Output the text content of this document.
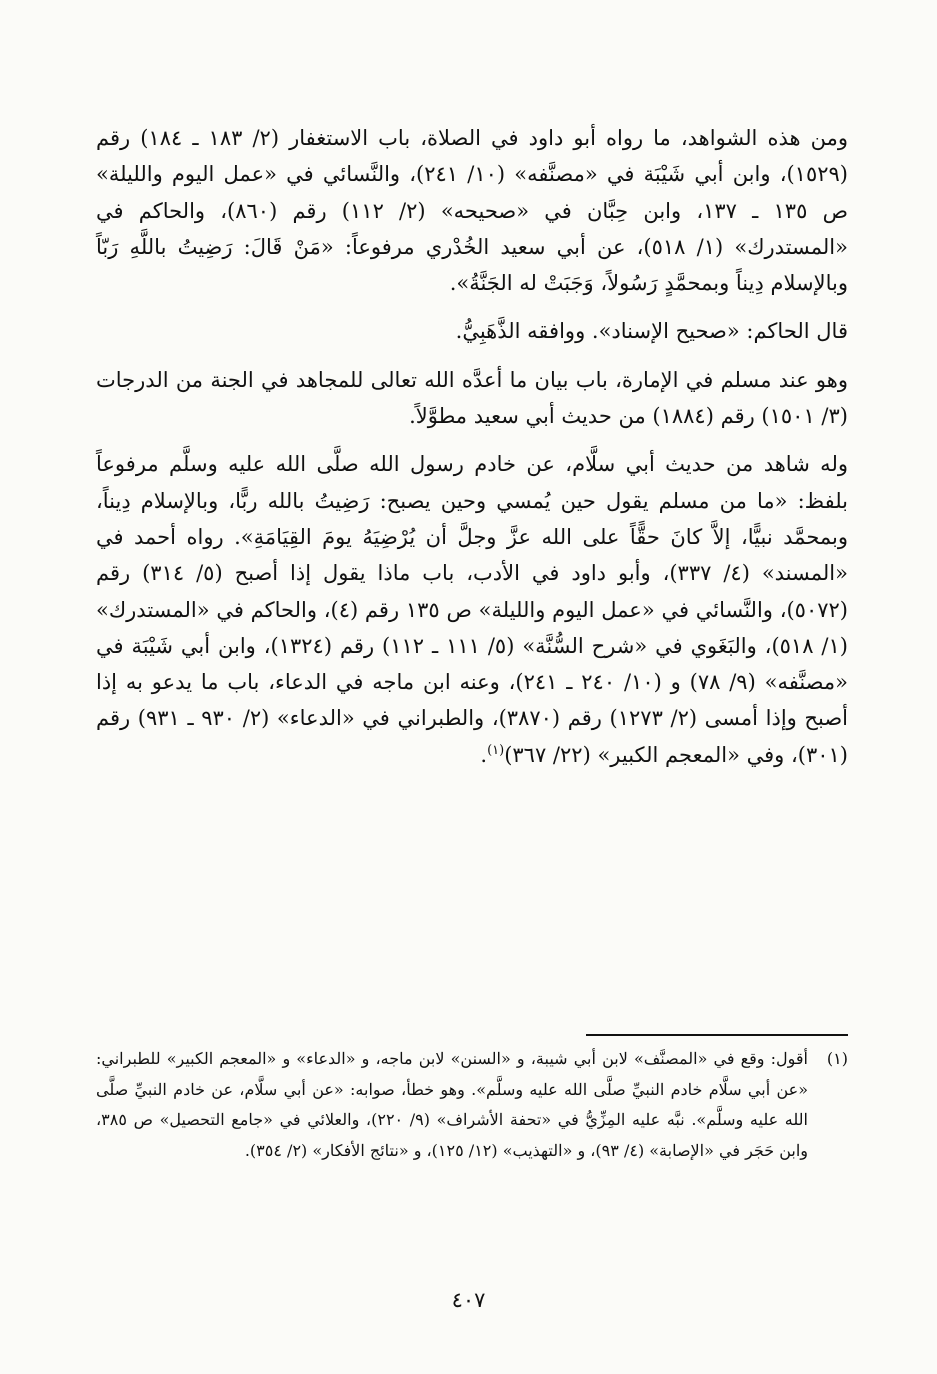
ومن هذه الشواهد، ما رواه أبو داود في الصلاة، باب الاستغفار (٢/ ١٨٣ ـ ١٨٤) رقم (١٥٢٩)، وابن أبي شَيْبَة في «مصنَّفه» (١٠/ ٢٤١)، والنَّسائي في «عمل اليوم والليلة» ص ١٣٥ ـ ١٣٧، وابن حِبَّان في «صحيحه» (٢/ ١١٢) رقم (٨٦٠)، والحاكم في «المستدرك» (١/ ٥١٨)، عن أبي سعيد الخُدْري مرفوعاً: «مَنْ قَالَ: رَضِيتُ باللَّهِ رَبّاً وبالإسلام دِيناً وبمحمَّدٍ رَسُولاً، وَجَبَتْ له الجَنَّةُ».

قال الحاكم: «صحيح الإسناد». ووافقه الذَّهَبِيُّ.

وهو عند مسلم في الإمارة، باب بيان ما أعدَّه الله تعالى للمجاهد في الجنة من الدرجات (٣/ ١٥٠١) رقم (١٨٨٤) من حديث أبي سعيد مطوَّلاً.

وله شاهد من حديث أبي سلَّام، عن خادم رسول الله صلَّى الله عليه وسلَّم مرفوعاً بلفظ: «ما من مسلم يقول حين يُمسي وحين يصبح: رَضِيتُ بالله ربًّا، وبالإسلام دِيناً، وبمحمَّد نبيًّا، إلاَّ كانَ حقًّاً على الله عزَّ وجلَّ أن يُرْضِيَهُ يومَ القِيَامَةِ». رواه أحمد في «المسند» (٤/ ٣٣٧)، وأبو داود في الأدب، باب ماذا يقول إذا أصبح (٥/ ٣١٤) رقم (٥٠٧٢)، والنَّسائي في «عمل اليوم والليلة» ص ١٣٥ رقم (٤)، والحاكم في «المستدرك» (١/ ٥١٨)، والبَغَوي في «شرح السُّنَّة» (٥/ ١١١ ـ ١١٢) رقم (١٣٢٤)، وابن أبي شَيْبَة في «مصنَّفه» (٩/ ٧٨) و (١٠/ ٢٤٠ ـ ٢٤١)، وعنه ابن ماجه في الدعاء، باب ما يدعو به إذا أصبح وإذا أمسى (٢/ ١٢٧٣) رقم (٣٨٧٠)، والطبراني في «الدعاء» (٢/ ٩٣٠ ـ ٩٣١) رقم (٣٠١)، وفي «المعجم الكبير» (٢٢/ ٣٦٧)$^{(١)}$.

(١)
أقول: وقع في «المصنَّف» لابن أبي شيبة، و «السنن» لابن ماجه، و «الدعاء» و «المعجم الكبير» للطبراني: «عن أبي سلَّام خادم النبيِّ صلَّى الله عليه وسلَّم». وهو خطأ، صوابه: «عن أبي سلَّام، عن خادم النبيِّ صلَّى الله عليه وسلَّم». نبَّه عليه المِزِّيُّ في «تحفة الأشراف» (٩/ ٢٢٠)، والعلائي في «جامع التحصيل» ص ٣٨٥، وابن حَجَر في «الإصابة» (٤/ ٩٣)، و «التهذيب» (١٢/ ١٢٥)، و «نتائج الأفكار» (٢/ ٣٥٤).
٤٠٧
